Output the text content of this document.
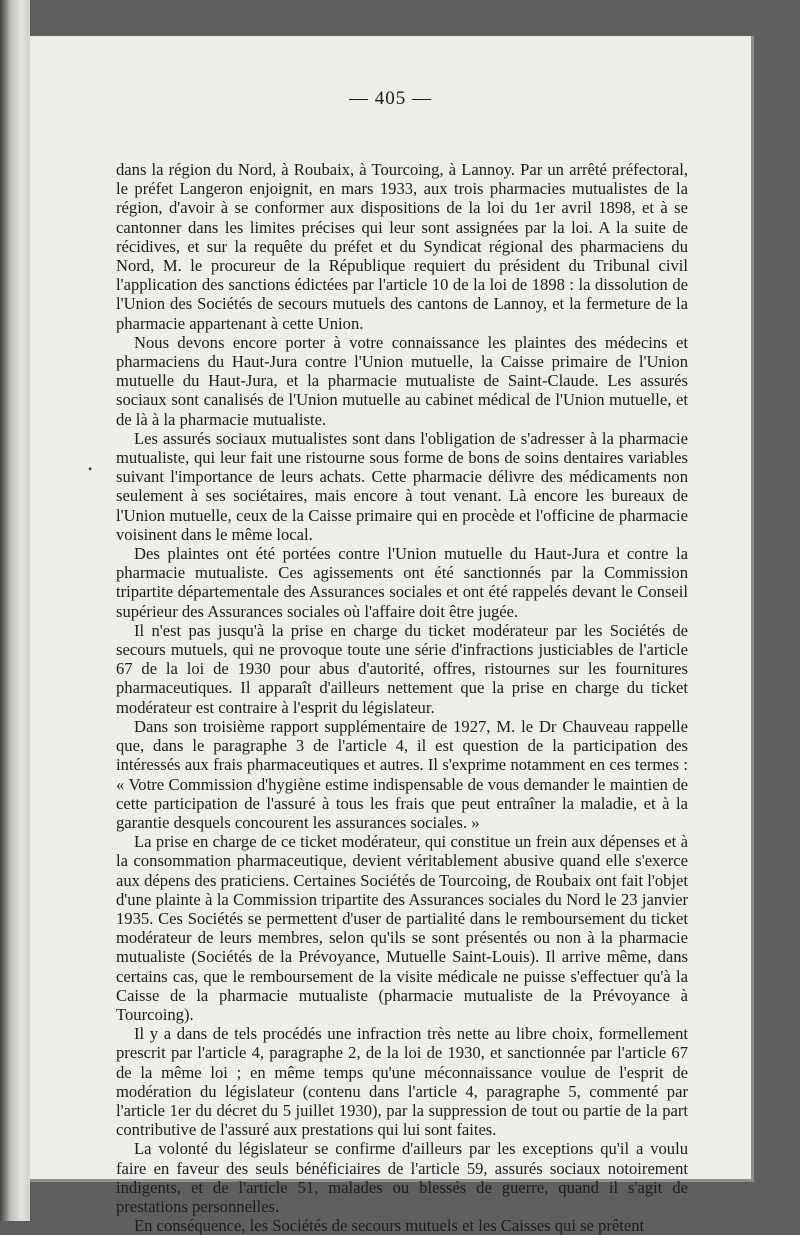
— 405 —

dans la région du Nord, à Roubaix, à Tourcoing, à Lannoy. Par un arrêté préfectoral, le préfet Langeron enjoignit, en mars 1933, aux trois pharmacies mutualistes de la région, d'avoir à se conformer aux dispositions de la loi du 1er avril 1898, et à se cantonner dans les limites précises qui leur sont assignées par la loi. A la suite de récidives, et sur la requête du préfet et du Syndicat régional des pharmaciens du Nord, M. le procureur de la République requiert du président du Tribunal civil l'application des sanctions édictées par l'article 10 de la loi de 1898 : la dissolution de l'Union des Sociétés de secours mutuels des cantons de Lannoy, et la fermeture de la pharmacie appartenant à cette Union.

Nous devons encore porter à votre connaissance les plaintes des médecins et pharmaciens du Haut-Jura contre l'Union mutuelle, la Caisse primaire de l'Union mutuelle du Haut-Jura, et la pharmacie mutualiste de Saint-Claude. Les assurés sociaux sont canalisés de l'Union mutuelle au cabinet médical de l'Union mutuelle, et de là à la pharmacie mutualiste.

Les assurés sociaux mutualistes sont dans l'obligation de s'adresser à la pharmacie mutualiste, qui leur fait une ristourne sous forme de bons de soins dentaires variables suivant l'importance de leurs achats. Cette pharmacie délivre des médicaments non seulement à ses sociétaires, mais encore à tout venant. Là encore les bureaux de l'Union mutuelle, ceux de la Caisse primaire qui en procède et l'officine de pharmacie voisinent dans le même local.

Des plaintes ont été portées contre l'Union mutuelle du Haut-Jura et contre la pharmacie mutualiste. Ces agissements ont été sanctionnés par la Commission tripartite départementale des Assurances sociales et ont été rappelés devant le Conseil supérieur des Assurances sociales où l'affaire doit être jugée.

Il n'est pas jusqu'à la prise en charge du ticket modérateur par les Sociétés de secours mutuels, qui ne provoque toute une série d'infractions justiciables de l'article 67 de la loi de 1930 pour abus d'autorité, offres, ristournes sur les fournitures pharmaceutiques. Il apparaît d'ailleurs nettement que la prise en charge du ticket modérateur est contraire à l'esprit du législateur.

Dans son troisième rapport supplémentaire de 1927, M. le Dr Chauveau rappelle que, dans le paragraphe 3 de l'article 4, il est question de la participation des intéressés aux frais pharmaceutiques et autres. Il s'exprime notamment en ces termes : « Votre Commission d'hygiène estime indispensable de vous demander le maintien de cette participation de l'assuré à tous les frais que peut entraîner la maladie, et à la garantie desquels concourent les assurances sociales. »

La prise en charge de ce ticket modérateur, qui constitue un frein aux dépenses et à la consommation pharmaceutique, devient véritablement abusive quand elle s'exerce aux dépens des praticiens. Certaines Sociétés de Tourcoing, de Roubaix ont fait l'objet d'une plainte à la Commission tripartite des Assurances sociales du Nord le 23 janvier 1935. Ces Sociétés se permettent d'user de partialité dans le remboursement du ticket modérateur de leurs membres, selon qu'ils se sont présentés ou non à la pharmacie mutualiste (Sociétés de la Prévoyance, Mutuelle Saint-Louis). Il arrive même, dans certains cas, que le remboursement de la visite médicale ne puisse s'effectuer qu'à la Caisse de la pharmacie mutualiste (pharmacie mutualiste de la Prévoyance à Tourcoing).

Il y a dans de tels procédés une infraction très nette au libre choix, formellement prescrit par l'article 4, paragraphe 2, de la loi de 1930, et sanctionnée par l'article 67 de la même loi ; en même temps qu'une méconnaissance voulue de l'esprit de modération du législateur (contenu dans l'article 4, paragraphe 5, commenté par l'article 1er du décret du 5 juillet 1930), par la suppression de tout ou partie de la part contributive de l'assuré aux prestations qui lui sont faites.

La volonté du législateur se confirme d'ailleurs par les exceptions qu'il a voulu faire en faveur des seuls bénéficiaires de l'article 59, assurés sociaux notoirement indigents, et de l'article 51, malades ou blessés de guerre, quand il s'agit de prestations personnelles.

En conséquence, les Sociétés de secours mutuels et les Caisses qui se prêtent

•
